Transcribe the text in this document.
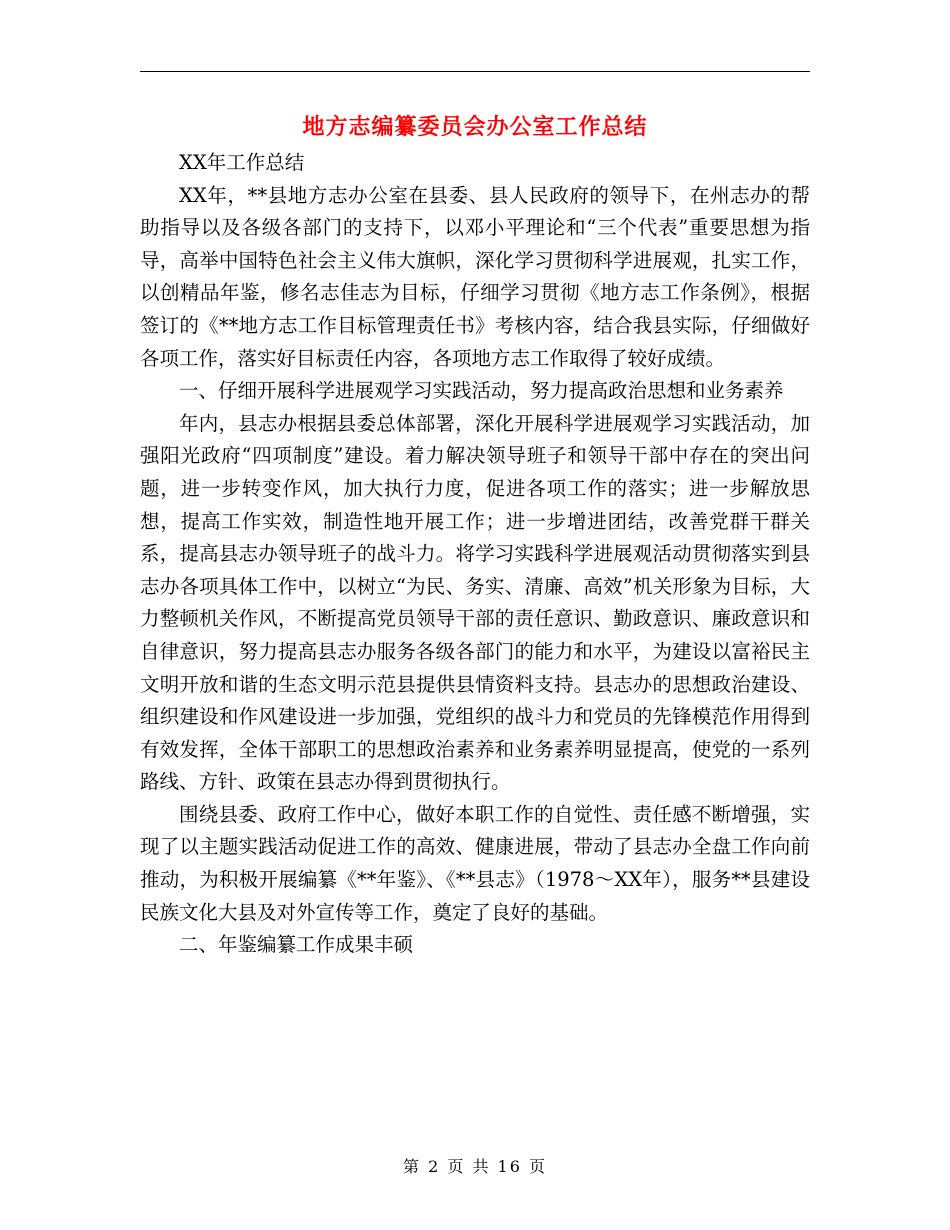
地方志编纂委员会办公室工作总结

XX年工作总结

XX年，**县地方志办公室在县委、县人民政府的领导下，在州志办的帮助指导以及各级各部门的支持下，以邓小平理论和“三个代表”重要思想为指导，高举中国特色社会主义伟大旗帜，深化学习贯彻科学进展观，扎实工作，以创精品年鉴，修名志佳志为目标，仔细学习贯彻《地方志工作条例》，根据签订的《**地方志工作目标管理责任书》考核内容，结合我县实际，仔细做好各项工作，落实好目标责任内容，各项地方志工作取得了较好成绩。

一、仔细开展科学进展观学习实践活动，努力提高政治思想和业务素养

年内，县志办根据县委总体部署，深化开展科学进展观学习实践活动，加强阳光政府“四项制度”建设。着力解决领导班子和领导干部中存在的突出问题，进一步转变作风，加大执行力度，促进各项工作的落实；进一步解放思想，提高工作实效，制造性地开展工作；进一步增进团结，改善党群干群关系，提高县志办领导班子的战斗力。将学习实践科学进展观活动贯彻落实到县志办各项具体工作中，以树立“为民、务实、清廉、高效”机关形象为目标，大力整顿机关作风，不断提高党员领导干部的责任意识、勤政意识、廉政意识和自律意识，努力提高县志办服务各级各部门的能力和水平，为建设以富裕民主文明开放和谐的生态文明示范县提供县情资料支持。县志办的思想政治建设、组织建设和作风建设进一步加强，党组织的战斗力和党员的先锋模范作用得到有效发挥，全体干部职工的思想政治素养和业务素养明显提高，使党的一系列路线、方针、政策在县志办得到贯彻执行。

围绕县委、政府工作中心，做好本职工作的自觉性、责任感不断增强，实现了以主题实践活动促进工作的高效、健康进展，带动了县志办全盘工作向前推动，为积极开展编纂《**年鉴》、《**县志》（1978～XX年），服务**县建设民族文化大县及对外宣传等工作，奠定了良好的基础。

二、年鉴编纂工作成果丰硕

第 2 页 共 16 页
